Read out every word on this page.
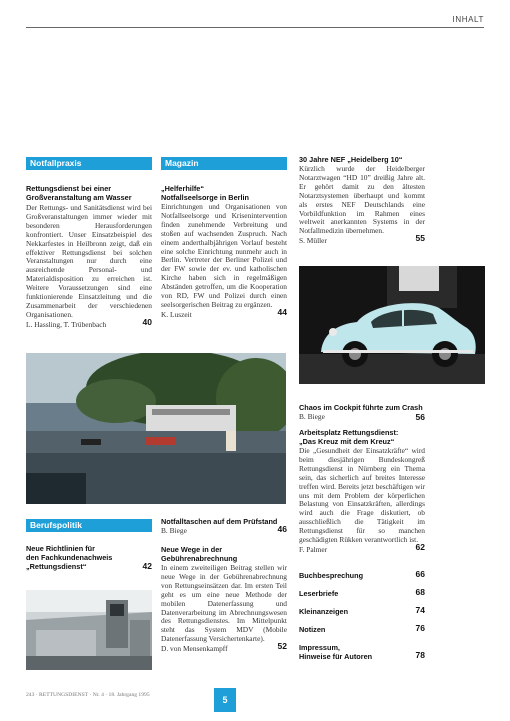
INHALT
Notfallpraxis
Rettungsdienst bei einer Großveranstaltung am Wasser
Der Rettungs- und Sanitätsdienst wird bei Großveranstaltungen immer wieder mit besonderen Herausforderungen konfrontiert. Unser Einsatzbeispiel des Nekkarfestes in Heilbronn zeigt, daß ein effektiver Rettungsdienst bei solchen Veranstaltungen nur durch eine ausreichende Personal- und Materialdisposition zu erreichen ist. Weitere Voraussetzungen sind eine funktionierende Einsatzleitung und die Zusammenarbeit der verschiedenen Organisationen.
L. Hassling, T. Trübenbach	40
Berufspolitik
Neue Richtlinien für
den Fachkundenachweis
„Rettungsdienst“	42
Magazin
„Helferhilfe“
Notfallseelsorge in Berlin
Einrichtungen und Organisationen von Notfallseelsorge und Krisenintervention finden zunehmende Verbreitung und stoßen auf wachsenden Zuspruch. Nach einem anderthalbjährigen Vorlauf besteht eine solche Einrichtung nunmehr auch in Berlin. Vertreter der Berliner Polizei und der FW sowie der ev. und katholischen Kirche haben sich in regelmäßigen Abständen getroffen, um die Kooperation von RD, FW und Polizei durch einen seelsorgerischen Beitrag zu ergänzen.
K. Luszeit	44
Notfalltaschen auf dem Prüfstand
B. Biege	46
Neue Wege in der
Gebührenabrechnung
In einem zweiteiligen Beitrag stellen wir neue Wege in der Gebührenabrechnung von Rettungseinsätzen dar. Im ersten Teil geht es um eine neue Methode der mobilen Datenerfassung und Datenverarbeitung im Abrechnungswesen des Rettungsdienstes. Im Mittelpunkt steht das System MDV (Mobile Datenerfassung Versichertenkarte).
D. von Mensenkampff	52
30 Jahre NEF „Heidelberg 10“
Kürzlich wurde der Heidelberger Notarztwagen “HD 10” dreißig Jahre alt. Er gehört damit zu den ältesten Notarztsystemen überhaupt und kommt als erstes NEF Deutschlands eine Vorbildfunktion im Rahmen eines weltweit anerkannten Systems in der Notfallmedizin übernehmen.
S. Müller	55
Chaos im Cockpit führte zum Crash
B. Biege	56
Arbeitsplatz Rettungsdienst:
„Das Kreuz mit dem Kreuz“
Die „Gesundheit der Einsatzkräfte“ wird beim diesjährigen Bundeskongreß Rettungsdienst in Nürnberg ein Thema sein, das sicherlich auf breites Interesse treffen wird. Bereits jetzt beschäftigen wir uns mit dem Problem der körperlichen Belastung von Einsatzkräften, allerdings wird auch die Frage diskutiert, ob ausschließlich die Tätigkeit im Rettungsdienst für so manchen geschädigten Rükken verantwortlich ist.
F. Palmer	62
Buchbesprechung	66
Leserbriefe	68
Kleinanzeigen	74
Notizen	76
Impressum,
Hinweise für Autoren	78
243 · RETTUNGSDIENST · Nr. 4 · 18. Jahrgang 1995	5
